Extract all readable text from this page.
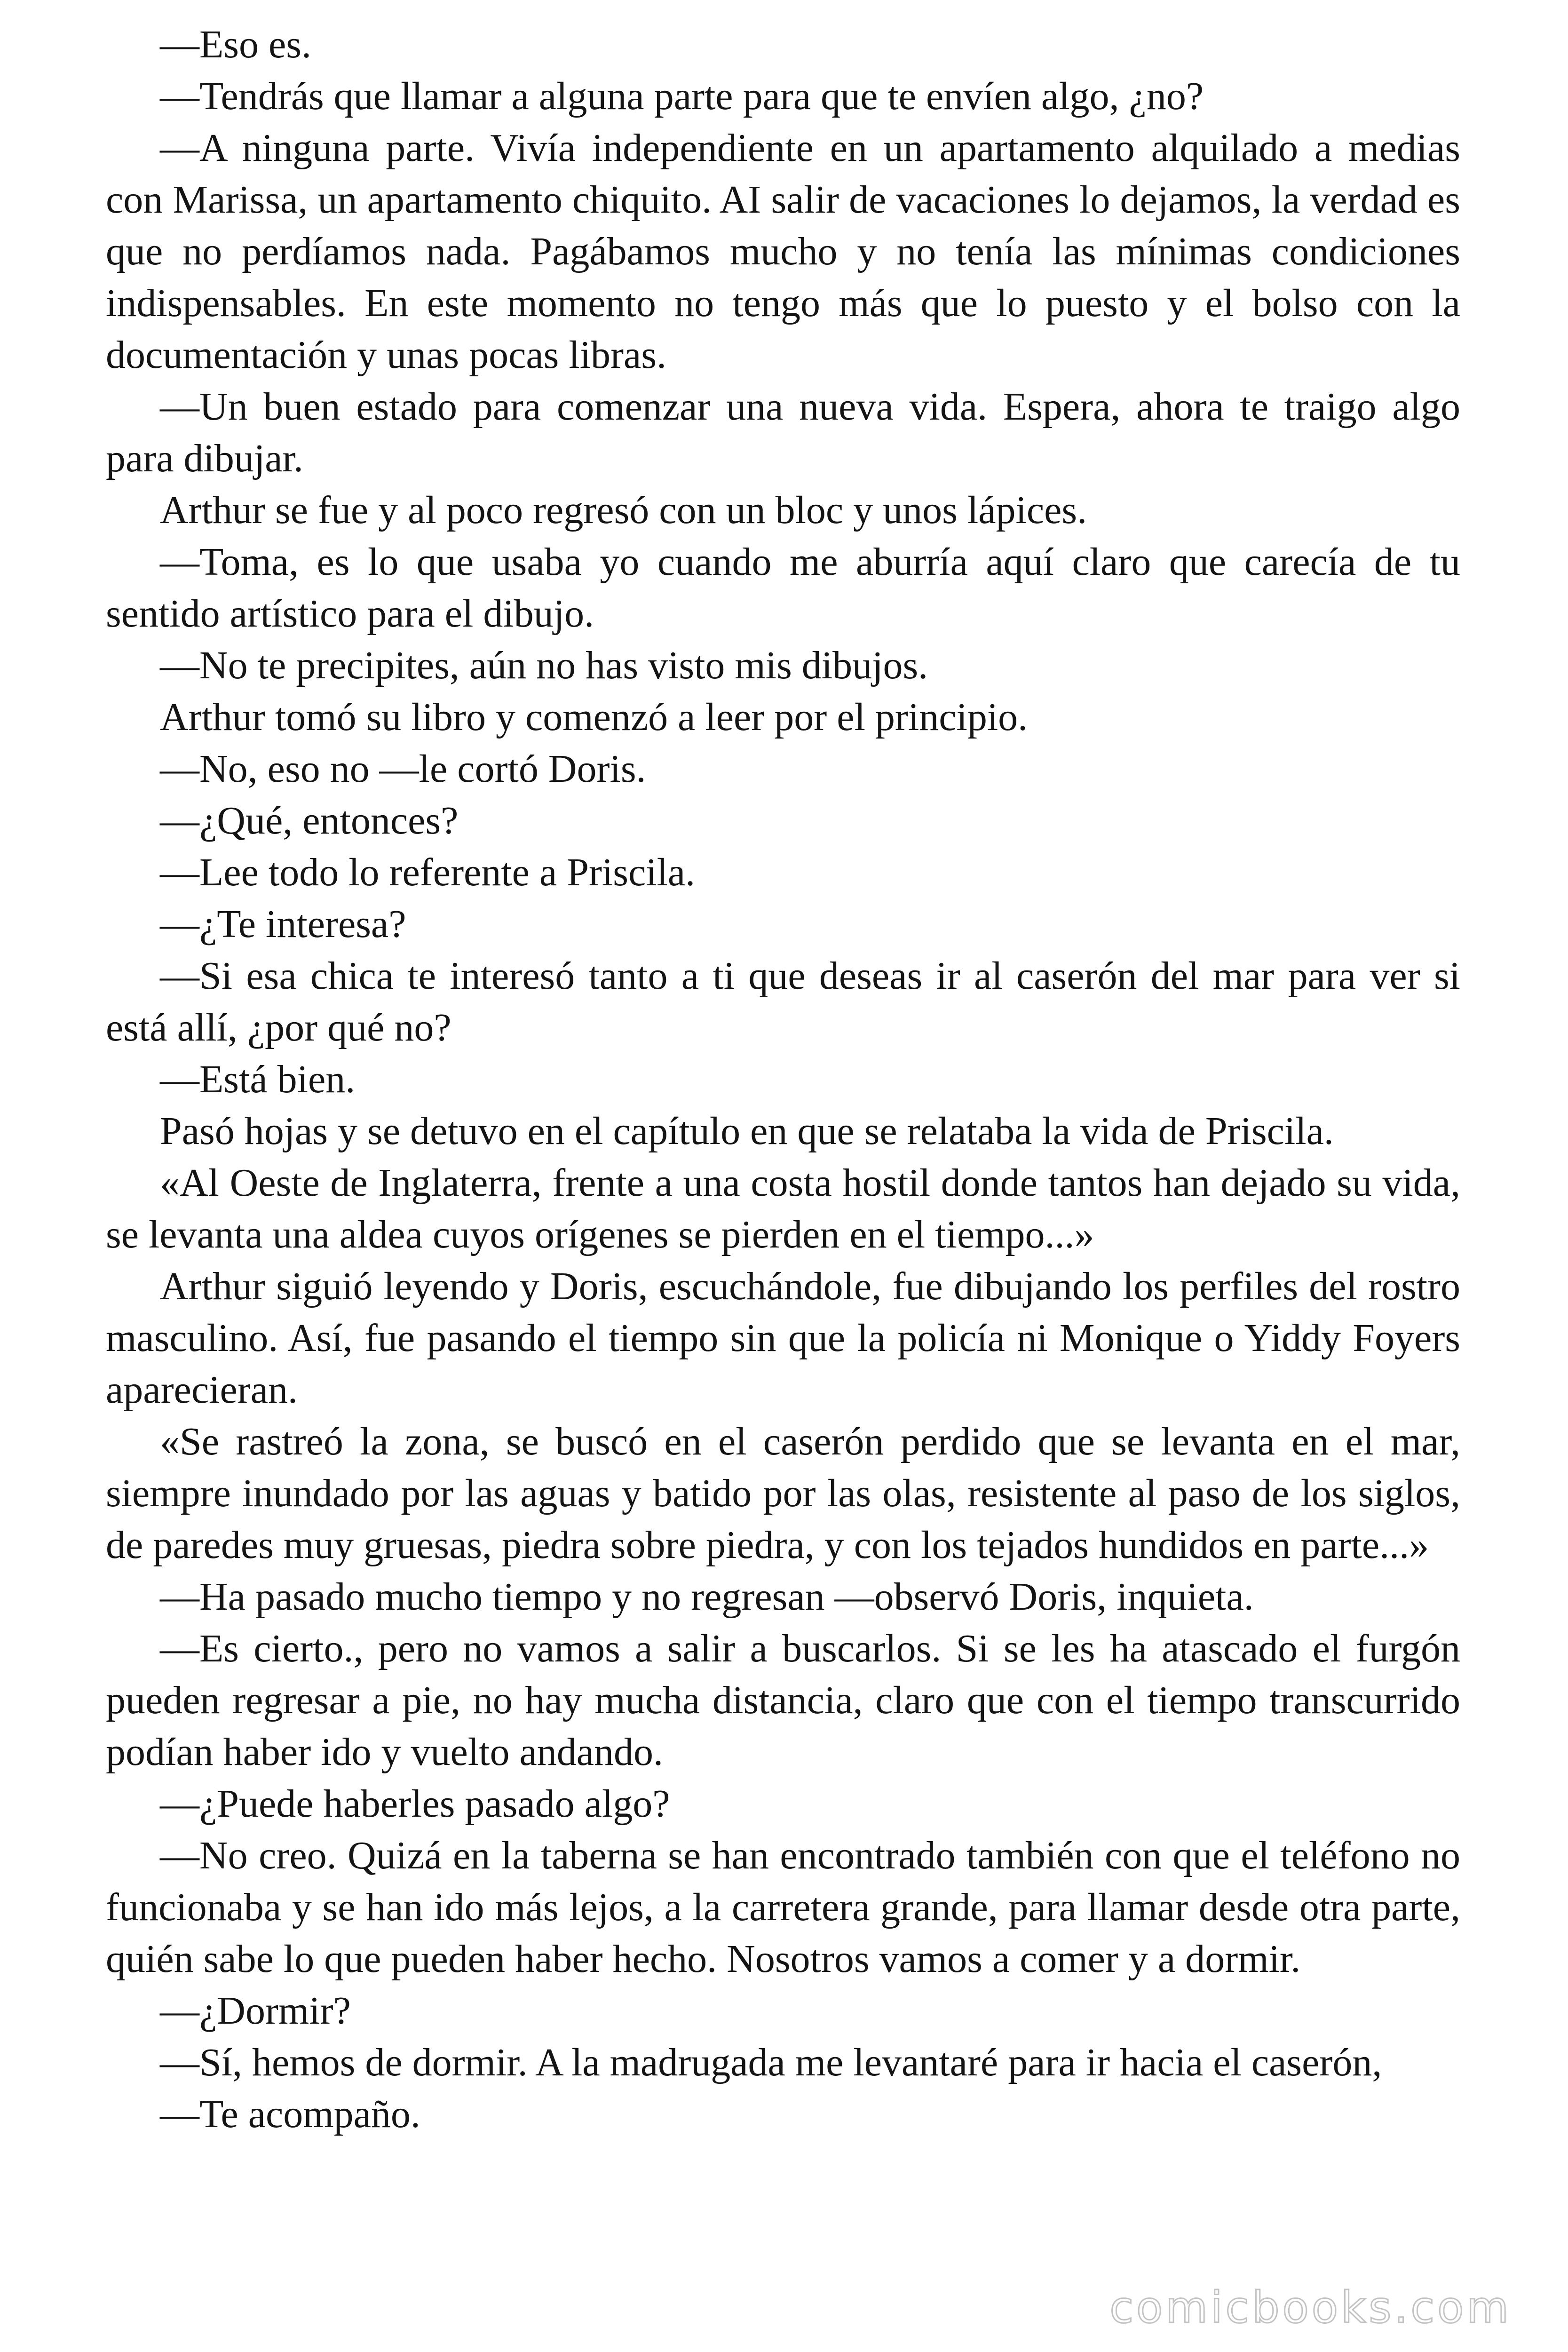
—Eso es.

—Tendrás que llamar a alguna parte para que te envíen algo, ¿no?

—A ninguna parte. Vivía independiente en un apartamento alquilado a medias con Marissa, un apartamento chiquito. AI salir de vacaciones lo dejamos, la verdad es que no perdíamos nada. Pagábamos mucho y no tenía las mínimas condiciones indispensables. En este momento no tengo más que lo puesto y el bolso con la documentación y unas pocas libras.

—Un buen estado para comenzar una nueva vida. Espera, ahora te traigo algo para dibujar.

Arthur se fue y al poco regresó con un bloc y unos lápices.

—Toma, es lo que usaba yo cuando me aburría aquí claro que carecía de tu sentido artístico para el dibujo.

—No te precipites, aún no has visto mis dibujos.

Arthur tomó su libro y comenzó a leer por el principio.

—No, eso no —le cortó Doris.

—¿Qué, entonces?

—Lee todo lo referente a Priscila.

—¿Te interesa?

—Si esa chica te interesó tanto a ti que deseas ir al caserón del mar para ver si está allí, ¿por qué no?

—Está bien.

Pasó hojas y se detuvo en el capítulo en que se relataba la vida de Priscila.

«Al Oeste de Inglaterra, frente a una costa hostil donde tantos han dejado su vida, se levanta una aldea cuyos orígenes se pierden en el tiempo...»

Arthur siguió leyendo y Doris, escuchándole, fue dibujando los perfiles del rostro masculino. Así, fue pasando el tiempo sin que la policía ni Monique o Yiddy Foyers aparecieran.

«Se rastreó la zona, se buscó en el caserón perdido que se levanta en el mar, siempre inundado por las aguas y batido por las olas, resistente al paso de los siglos, de paredes muy gruesas, piedra sobre piedra, y con los tejados hundidos en parte...»

—Ha pasado mucho tiempo y no regresan —observó Doris, inquieta.

—Es cierto., pero no vamos a salir a buscarlos. Si se les ha atascado el furgón pueden regresar a pie, no hay mucha distancia, claro que con el tiempo transcurrido podían haber ido y vuelto andando.

—¿Puede haberles pasado algo?

—No creo. Quizá en la taberna se han encontrado también con que el teléfono no funcionaba y se han ido más lejos, a la carretera grande, para llamar desde otra parte, quién sabe lo que pueden haber hecho. Nosotros vamos a comer y a dormir.

—¿Dormir?

—Sí, hemos de dormir. A la madrugada me levantaré para ir hacia el caserón,

—Te acompaño.

comicbooks.com
